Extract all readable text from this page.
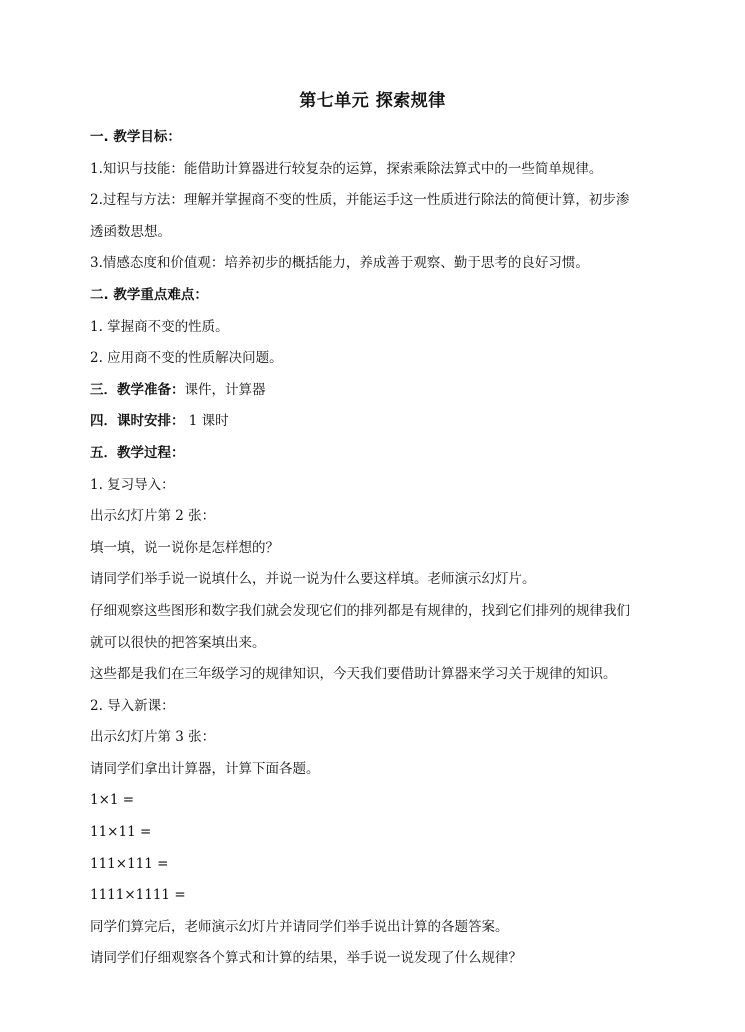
第七单元 探索规律
一. 教学目标：
1.知识与技能：能借助计算器进行较复杂的运算，探索乘除法算式中的一些简单规律。
2.过程与方法：理解并掌握商不变的性质，并能运手这一性质进行除法的简便计算，初步渗
透函数思想。
3.情感态度和价值观：培养初步的概括能力，养成善于观察、勤于思考的良好习惯。
二. 教学重点难点：
1. 掌握商不变的性质。
2. 应用商不变的性质解决问题。
三．教学准备：课件，计算器
四．课时安排： 1 课时
五．教学过程：
1. 复习导入：
出示幻灯片第 2 张：
填一填，说一说你是怎样想的？
请同学们举手说一说填什么，并说一说为什么要这样填。老师演示幻灯片。
仔细观察这些图形和数字我们就会发现它们的排列都是有规律的，找到它们排列的规律我们
就可以很快的把答案填出来。
这些都是我们在三年级学习的规律知识，今天我们要借助计算器来学习关于规律的知识。
2. 导入新课：
出示幻灯片第 3 张：
请同学们拿出计算器，计算下面各题。
1×1 =
11×11 =
111×111 =
1111×1111 =
同学们算完后，老师演示幻灯片并请同学们举手说出计算的各题答案。
请同学们仔细观察各个算式和计算的结果，举手说一说发现了什么规律？
